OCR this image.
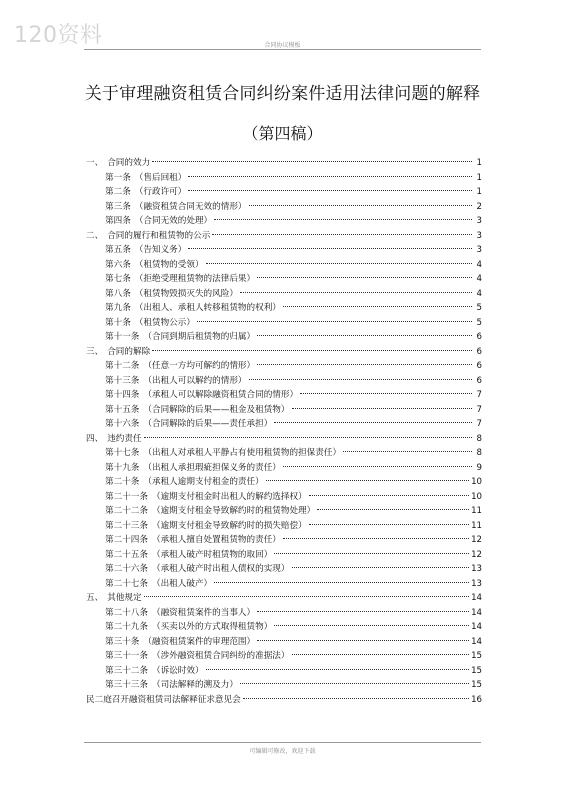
120资料	合同协议模板
关于审理融资租赁合同纠纷案件适用法律问题的解释
（第四稿）
一、 合同的效力	1
第一条 （售后回租）	1
第二条 （行政许可）	1
第三条 （融资租赁合同无效的情形）	2
第四条 （合同无效的处理）	3
二、 合同的履行和租赁物的公示	3
第五条 （告知义务）	3
第六条 （租赁物的受领）	4
第七条 （拒绝受理租赁物的法律后果）	4
第八条 （租赁物毁损灭失的风险）	4
第九条 （出租人、承租人转移租赁物的权利）	5
第十条 （租赁物公示）	5
第十一条 （合同到期后租赁物的归属）	6
三、 合同的解除	6
第十二条 （任意一方均可解约的情形）	6
第十三条 （出租人可以解约的情形）	6
第十四条 （承租人可以解除融资租赁合同的情形）	7
第十五条 （合同解除的后果——租金及租赁物）	7
第十六条 （合同解除的后果——责任承担）	7
四、 违约责任	8
第十七条 （出租人对承租人平静占有使用租赁物的担保责任）	8
第十九条 （出租人承担瑕疵担保义务的责任）	9
第二十条 （承租人逾期支付租金的责任）	10
第二十一条 （逾期支付租金时出租人的解约选择权）	10
第二十二条 （逾期支付租金导致解约时的租赁物处理）	11
第二十三条 （逾期支付租金导致解约时的损失赔偿）	11
第二十四条 （承租人擅自处置租赁物的责任）	12
第二十五条 （承租人破产时租赁物的取回）	12
第二十六条 （承租人破产时出租人债权的实现）	13
第二十七条 （出租人破产）	13
五、 其他规定	14
第二十八条 （融资租赁案件的当事人）	14
第二十九条 （买卖以外的方式取得租赁物）	14
第三十条 （融资租赁案件的审理范围）	14
第三十一条 （涉外融资租赁合同纠纷的准据法）	15
第三十二条 （诉讼时效）	15
第三十三条 （司法解释的溯及力）	15
民二庭召开融资租赁司法解释征求意见会	16
可编辑可修改，欢迎下载
